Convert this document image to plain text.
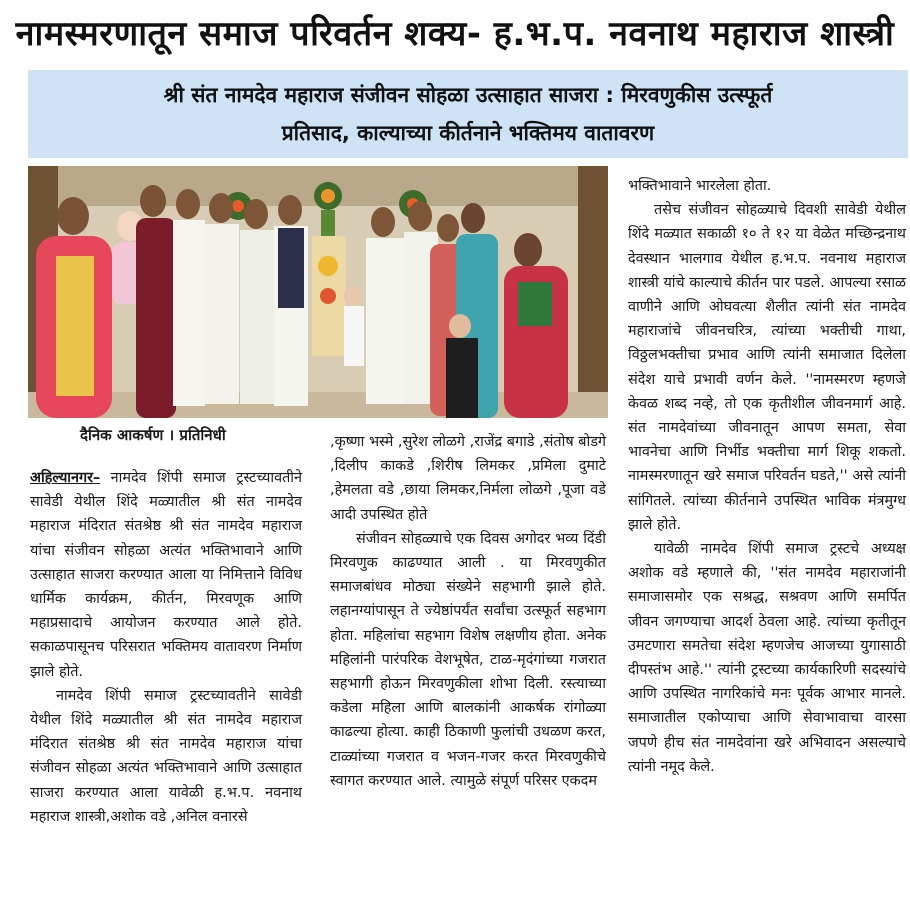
नामस्मरणातून समाज परिवर्तन शक्य- ह.भ.प. नवनाथ महाराज शास्त्री
श्री संत नामदेव महाराज संजीवन सोहळा उत्साहात साजरा : मिरवणुकीस उत्स्फूर्त
प्रतिसाद, काल्याच्या कीर्तनाने भक्तिमय वातावरण
दैनिक आकर्षण । प्रतिनिधी

अहिल्यानगर– नामदेव शिंपी समाज ट्रस्टच्यावतीने सावेडी येथील शिंदे मळ्यातील श्री संत नामदेव महाराज मंदिरात संतश्रेष्ठ श्री संत नामदेव महाराज यांचा संजीवन सोहळा अत्यंत भक्तिभावाने आणि उत्साहात साजरा करण्यात आला या निमित्ताने विविध धार्मिक कार्यक्रम, कीर्तन, मिरवणूक आणि महाप्रसादाचे आयोजन करण्यात आले होते. सकाळपासूनच परिसरात भक्तिमय वातावरण निर्माण झाले होते.

नामदेव शिंपी समाज ट्रस्टच्यावतीने सावेडी येथील शिंदे मळ्यातील श्री संत नामदेव महाराज मंदिरात संतश्रेष्ठ श्री संत नामदेव महाराज यांचा संजीवन सोहळा अत्यंत भक्तिभावाने आणि उत्साहात साजरा करण्यात आला यावेळी ह.भ.प. नवनाथ महाराज शास्त्री,अशोक वडे ,अनिल वनारसे

,कृष्णा भस्मे ,सुरेश लोळगे ,राजेंद्र बगाडे ,संतोष बोडगे ,दिलीप काकडे ,शिरीष लिमकर ,प्रमिला दुमाटे ,हेमलता वडे ,छाया लिमकर,निर्मला लोळगे ,पूजा वडे आदी उपस्थित होते

संजीवन सोहळ्याचे एक दिवस अगोदर भव्य दिंडी मिरवणुक काढण्यात आली . या मिरवणुकीत समाजबांधव मोठ्या संख्येने सहभागी झाले होते. लहानग्यांपासून ते ज्येष्ठांपर्यंत सर्वांचा उत्स्फूर्त सहभाग होता. महिलांचा सहभाग विशेष लक्षणीय होता. अनेक महिलांनी पारंपरिक वेशभूषेत, टाळ-मृदंगांच्या गजरात सहभागी होऊन मिरवणुकीला शोभा दिली. रस्त्याच्या कडेला महिला आणि बालकांनी आकर्षक रांगोळ्या काढल्या होत्या. काही ठिकाणी फुलांची उधळण करत, टाळ्यांच्या गजरात व भजन-गजर करत मिरवणुकीचे स्वागत करण्यात आले. त्यामुळे संपूर्ण परिसर एकदम

भक्तिभावाने भारलेला होता.

तसेच संजीवन सोहळ्याचे दिवशी सावेडी येथील शिंदे मळ्यात सकाळी १० ते १२ या वेळेत मच्छिन्द्रनाथ देवस्थान भालगाव येथील ह.भ.प. नवनाथ महाराज शास्त्री यांचे काल्याचे कीर्तन पार पडले. आपल्या रसाळ वाणीने आणि ओघवत्या शैलीत त्यांनी संत नामदेव महाराजांचे जीवनचरित्र, त्यांच्या भक्तीची गाथा, विठ्ठलभक्तीचा प्रभाव आणि त्यांनी समाजात दिलेला संदेश याचे प्रभावी वर्णन केले. ''नामस्मरण म्हणजे केवळ शब्द नव्हे, तो एक कृतीशील जीवनमार्ग आहे. संत नामदेवांच्या जीवनातून आपण समता, सेवा भावनेचा आणि निर्भीड भक्तीचा मार्ग शिकू शकतो. नामस्मरणातून खरे समाज परिवर्तन घडते,'' असे त्यांनी सांगितले. त्यांच्या कीर्तनाने उपस्थित भाविक मंत्रमुग्ध झाले होते.

यावेळी नामदेव शिंपी समाज ट्रस्टचे अध्यक्ष अशोक वडे म्हणाले की, ''संत नामदेव महाराजांनी समाजासमोर एक सश्रद्ध, सश्रवण आणि समर्पित जीवन जगण्याचा आदर्श ठेवला आहे. त्यांच्या कृतीतून उमटणारा समतेचा संदेश म्हणजेच आजच्या युगासाठी दीपस्तंभ आहे.'' त्यांनी ट्रस्टच्या कार्यकारिणी सदस्यांचे आणि उपस्थित नागरिकांचे मनः पूर्वक आभार मानले. समाजातील एकोप्याचा आणि सेवाभावाचा वारसा जपणे हीच संत नामदेवांना खरे अभिवादन असल्याचे त्यांनी नमूद केले.
